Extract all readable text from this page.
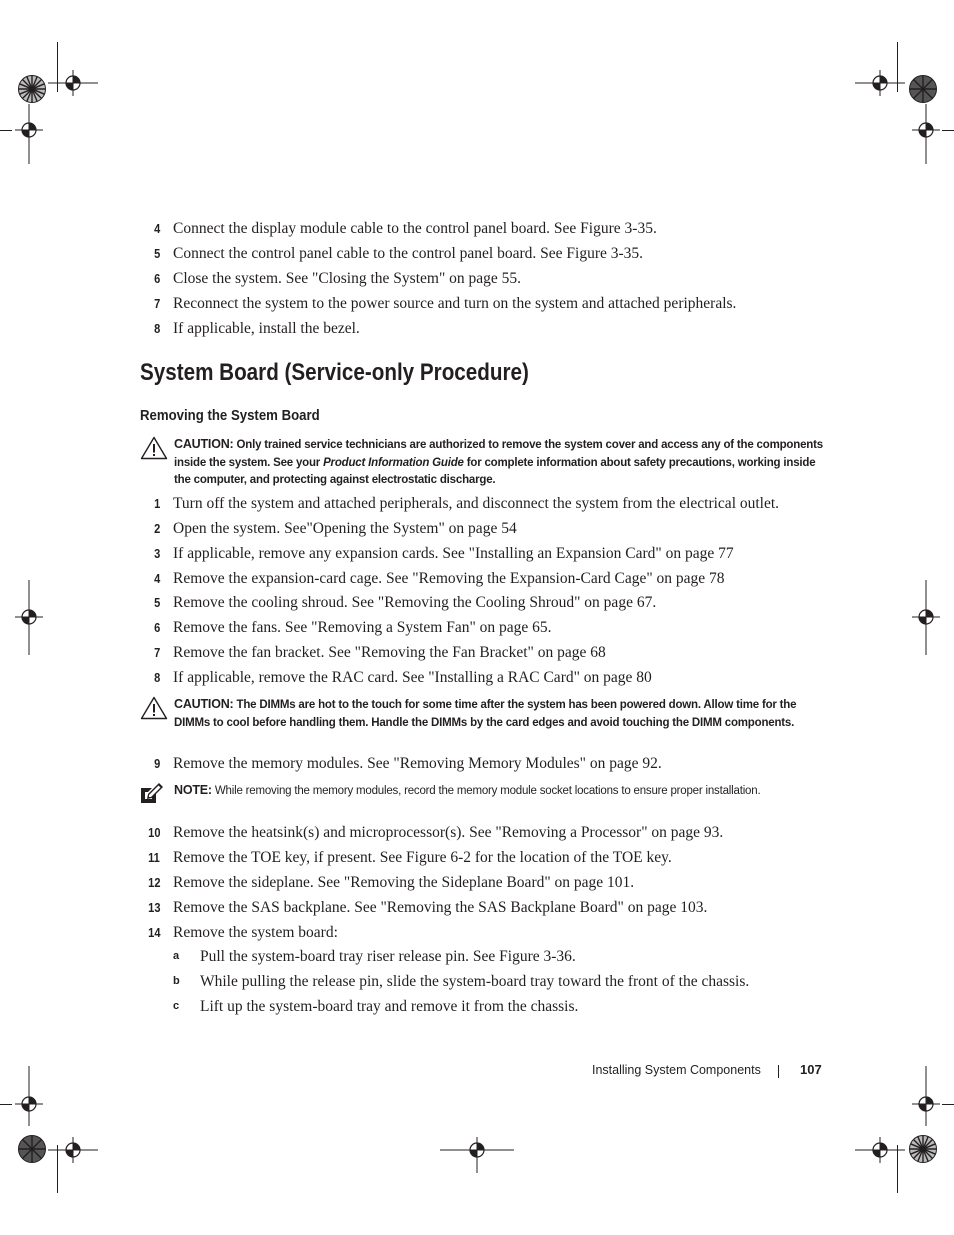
4 Connect the display module cable to the control panel board. See Figure 3-35.
5 Connect the control panel cable to the control panel board. See Figure 3-35.
6 Close the system. See "Closing the System" on page 55.
7 Reconnect the system to the power source and turn on the system and attached peripherals.
8 If applicable, install the bezel.
System Board (Service-only Procedure)
Removing the System Board
CAUTION: Only trained service technicians are authorized to remove the system cover and access any of the components inside the system. See your Product Information Guide for complete information about safety precautions, working inside the computer, and protecting against electrostatic discharge.
1 Turn off the system and attached peripherals, and disconnect the system from the electrical outlet.
2 Open the system. See"Opening the System" on page 54
3 If applicable, remove any expansion cards. See "Installing an Expansion Card" on page 77
4 Remove the expansion-card cage. See "Removing the Expansion-Card Cage" on page 78
5 Remove the cooling shroud. See "Removing the Cooling Shroud" on page 67.
6 Remove the fans. See "Removing a System Fan" on page 65.
7 Remove the fan bracket. See "Removing the Fan Bracket" on page 68
8 If applicable, remove the RAC card. See "Installing a RAC Card" on page 80
CAUTION: The DIMMs are hot to the touch for some time after the system has been powered down. Allow time for the DIMMs to cool before handling them. Handle the DIMMs by the card edges and avoid touching the DIMM components.
9 Remove the memory modules. See "Removing Memory Modules" on page 92.
NOTE: While removing the memory modules, record the memory module socket locations to ensure proper installation.
10 Remove the heatsink(s) and microprocessor(s). See "Removing a Processor" on page 93.
11 Remove the TOE key, if present. See Figure 6-2 for the location of the TOE key.
12 Remove the sideplane. See "Removing the Sideplane Board" on page 101.
13 Remove the SAS backplane. See "Removing the SAS Backplane Board" on page 103.
14 Remove the system board:
a Pull the system-board tray riser release pin. See Figure 3-36.
b While pulling the release pin, slide the system-board tray toward the front of the chassis.
c Lift up the system-board tray and remove it from the chassis.
Installing System Components	107
